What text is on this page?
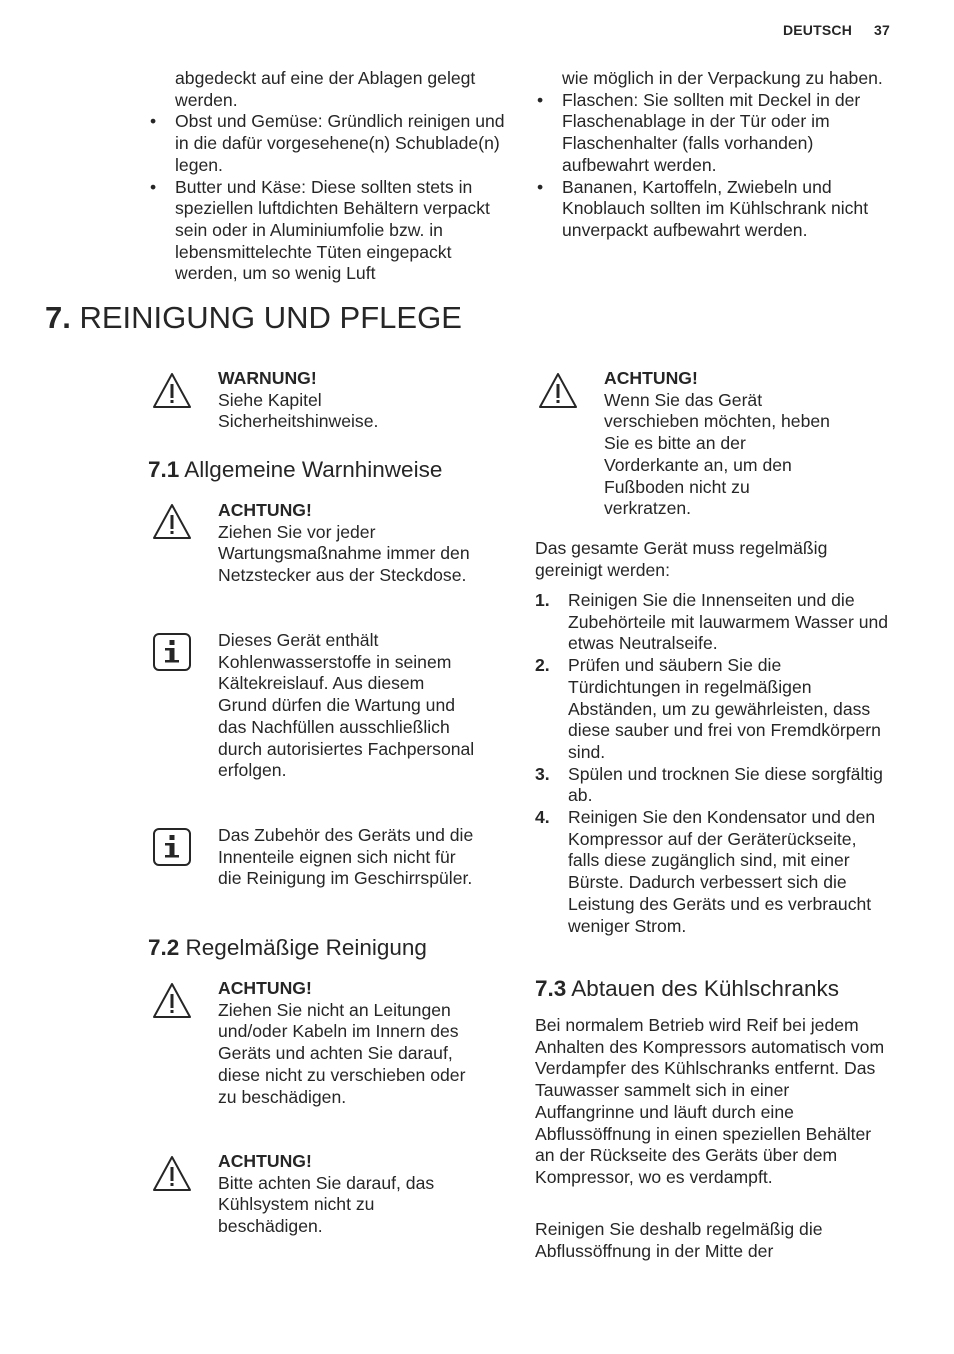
DEUTSCH 37
abgedeckt auf eine der Ablagen gelegt werden.
• Obst und Gemüse: Gründlich reinigen und in die dafür vorgesehene(n) Schublade(n) legen.
• Butter und Käse: Diese sollten stets in speziellen luftdichten Behältern verpackt sein oder in Aluminiumfolie bzw. in lebensmittelechte Tüten eingepackt werden, um so wenig Luft
wie möglich in der Verpackung zu haben.
• Flaschen: Sie sollten mit Deckel in der Flaschenablage in der Tür oder im Flaschenhalter (falls vorhanden) aufbewahrt werden.
• Bananen, Kartoffeln, Zwiebeln und Knoblauch sollten im Kühlschrank nicht unverpackt aufbewahrt werden.
7. REINIGUNG UND PFLEGE
WARNUNG!
Siehe Kapitel Sicherheitshinweise.
7.1 Allgemeine Warnhinweise
ACHTUNG!
Ziehen Sie vor jeder Wartungsmaßnahme immer den Netzstecker aus der Steckdose.
Dieses Gerät enthält Kohlenwasserstoffe in seinem Kältekreislauf. Aus diesem Grund dürfen die Wartung und das Nachfüllen ausschließlich durch autorisiertes Fachpersonal erfolgen.
Das Zubehör des Geräts und die Innenteile eignen sich nicht für die Reinigung im Geschirrspüler.
7.2 Regelmäßige Reinigung
ACHTUNG!
Ziehen Sie nicht an Leitungen und/oder Kabeln im Innern des Geräts und achten Sie darauf, diese nicht zu verschieben oder zu beschädigen.
ACHTUNG!
Bitte achten Sie darauf, das Kühlsystem nicht zu beschädigen.
ACHTUNG!
Wenn Sie das Gerät verschieben möchten, heben Sie es bitte an der Vorderkante an, um den Fußboden nicht zu verkratzen.
Das gesamte Gerät muss regelmäßig gereinigt werden:
1. Reinigen Sie die Innenseiten und die Zubehörteile mit lauwarmem Wasser und etwas Neutralseife.
2. Prüfen und säubern Sie die Türdichtungen in regelmäßigen Abständen, um zu gewährleisten, dass diese sauber und frei von Fremdkörpern sind.
3. Spülen und trocknen Sie diese sorgfältig ab.
4. Reinigen Sie den Kondensator und den Kompressor auf der Geräterückseite, falls diese zugänglich sind, mit einer Bürste. Dadurch verbessert sich die Leistung des Geräts und es verbraucht weniger Strom.
7.3 Abtauen des Kühlschranks
Bei normalem Betrieb wird Reif bei jedem Anhalten des Kompressors automatisch vom Verdampfer des Kühlschranks entfernt. Das Tauwasser sammelt sich in einer Auffangrinne und läuft durch eine Abflussöffnung in einen speziellen Behälter an der Rückseite des Geräts über dem Kompressor, wo es verdampft.
Reinigen Sie deshalb regelmäßig die Abflussöffnung in der Mitte der
